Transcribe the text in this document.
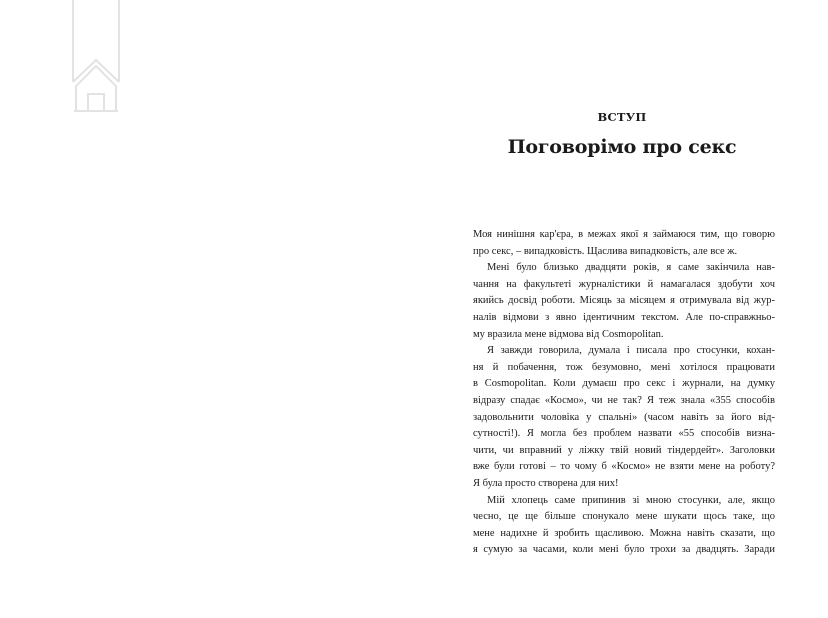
ВСТУП
Поговорімо про секс
Моя нинішня кар'єра, в межах якої я займаюся тим, що говорю
про секс, – випадковість. Щаслива випадковість, але все ж.
Мені було близько двадцяти років, я саме закінчила нав-
чання на факультеті журналістики й намагалася здобути хоч
якийсь досвід роботи. Місяць за місяцем я отримувала від жур-
налів відмови з явно ідентичним текстом. Але по-справжньо-
му вразила мене відмова від Cosmopolitan.
Я завжди говорила, думала і писала про стосунки, кохан-
ня й побачення, тож безумовно, мені хотілося працювати
в Cosmopolitan. Коли думаєш про секс і журнали, на думку
відразу спадає «Космо», чи не так? Я теж знала «355 способів
задовольнити чоловіка у спальні» (часом навіть за його від-
сутності!). Я могла без проблем назвати «55 способів визна-
чити, чи вправний у ліжку твій новий тіндердейт». Заголовки
вже були готові – то чому б «Космо» не взяти мене на роботу?
Я була просто створена для них!
Мій хлопець саме припинив зі мною стосунки, але, якщо
чесно, це ще більше спонукало мене шукати щось таке, що
мене надихне й зробить щасливою. Можна навіть сказати, що
я сумую за часами, коли мені було трохи за двадцять. Заради
